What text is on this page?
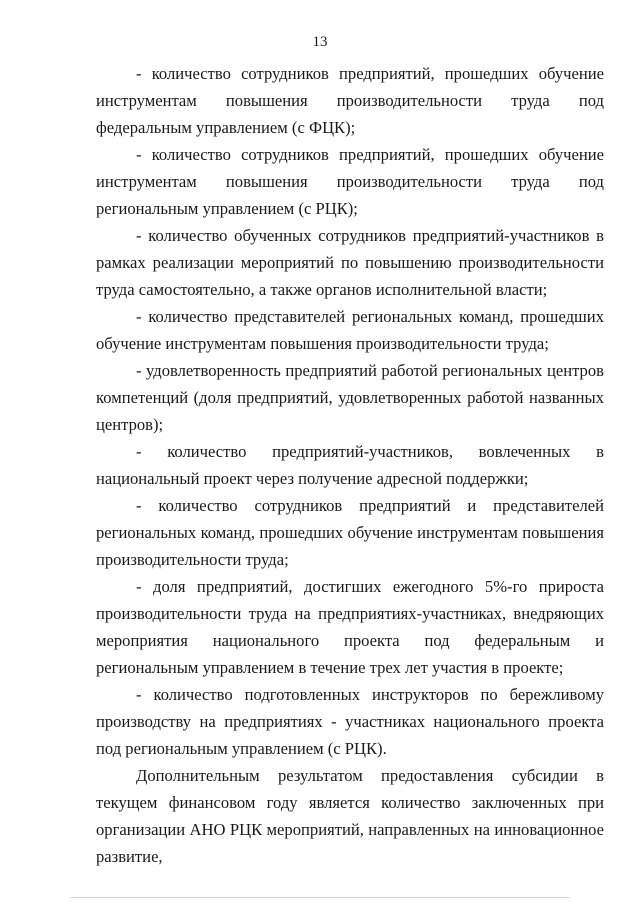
13

- количество сотрудников предприятий, прошедших обучение инструментам повышения производительности труда под федеральным управлением (с ФЦК);

- количество сотрудников предприятий, прошедших обучение инструментам повышения производительности труда под региональным управлением (с РЦК);

- количество обученных сотрудников предприятий-участников в рамках реализации мероприятий по повышению производительности труда самостоятельно, а также органов исполнительной власти;

- количество представителей региональных команд, прошедших обучение инструментам повышения производительности труда;

- удовлетворенность предприятий работой региональных центров компетенций (доля предприятий, удовлетворенных работой названных центров);

- количество предприятий-участников, вовлеченных в национальный проект через получение адресной поддержки;

- количество сотрудников предприятий и представителей региональных команд, прошедших обучение инструментам повышения производительности труда;

- доля предприятий, достигших ежегодного 5%-го прироста производительности труда на предприятиях-участниках, внедряющих мероприятия национального проекта под федеральным и региональным управлением в течение трех лет участия в проекте;

- количество подготовленных инструкторов по бережливому производству на предприятиях - участниках национального проекта под региональным управлением (с РЦК).

Дополнительным результатом предоставления субсидии в текущем финансовом году является количество заключенных при организации АНО РЦК мероприятий, направленных на инновационное развитие,
